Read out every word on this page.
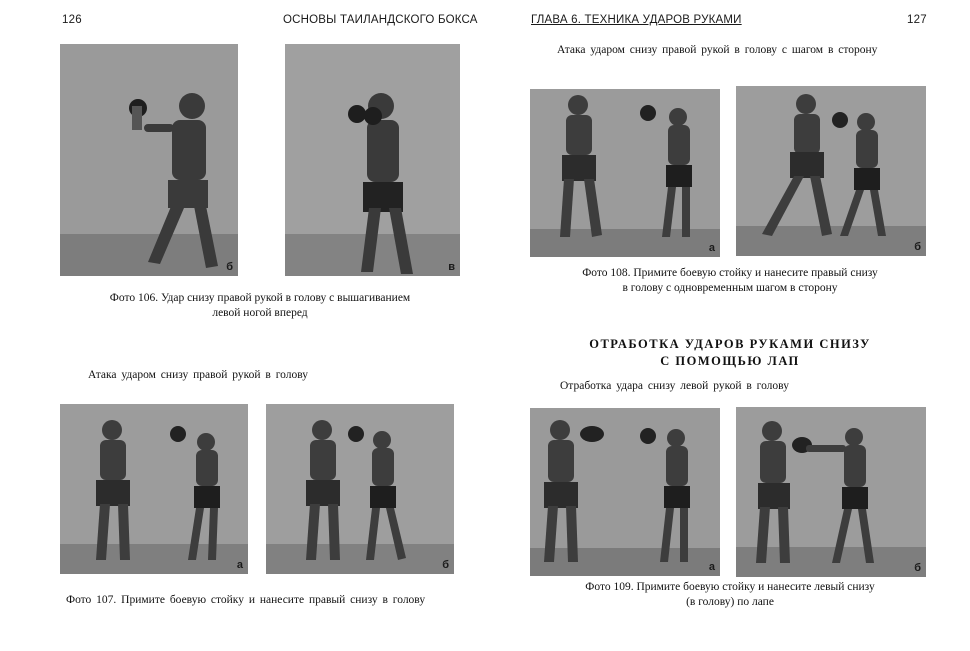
126	ОСНОВЫ ТАИЛАНДСКОГО БОКСА
б	в
Фото 106. Удар снизу правой рукой в голову с вышагиванием
левой ногой вперед
Атака ударом снизу правой рукой в голову
а	б
Фото 107. Примите боевую стойку и нанесите правый снизу в голову
ГЛАВА 6. ТЕХНИКА УДАРОВ РУКАМИ	127
Атака ударом снизу правой рукой в голову с шагом в сторону
а	б
Фото 108. Примите боевую стойку и нанесите правый снизу
в голову с одновременным шагом в сторону
ОТРАБОТКА УДАРОВ РУКАМИ СНИЗУ
С ПОМОЩЬЮ ЛАП
Отработка удара снизу левой рукой в голову
а	б
Фото 109. Примите боевую стойку и нанесите левый снизу
(в голову) по лапе
